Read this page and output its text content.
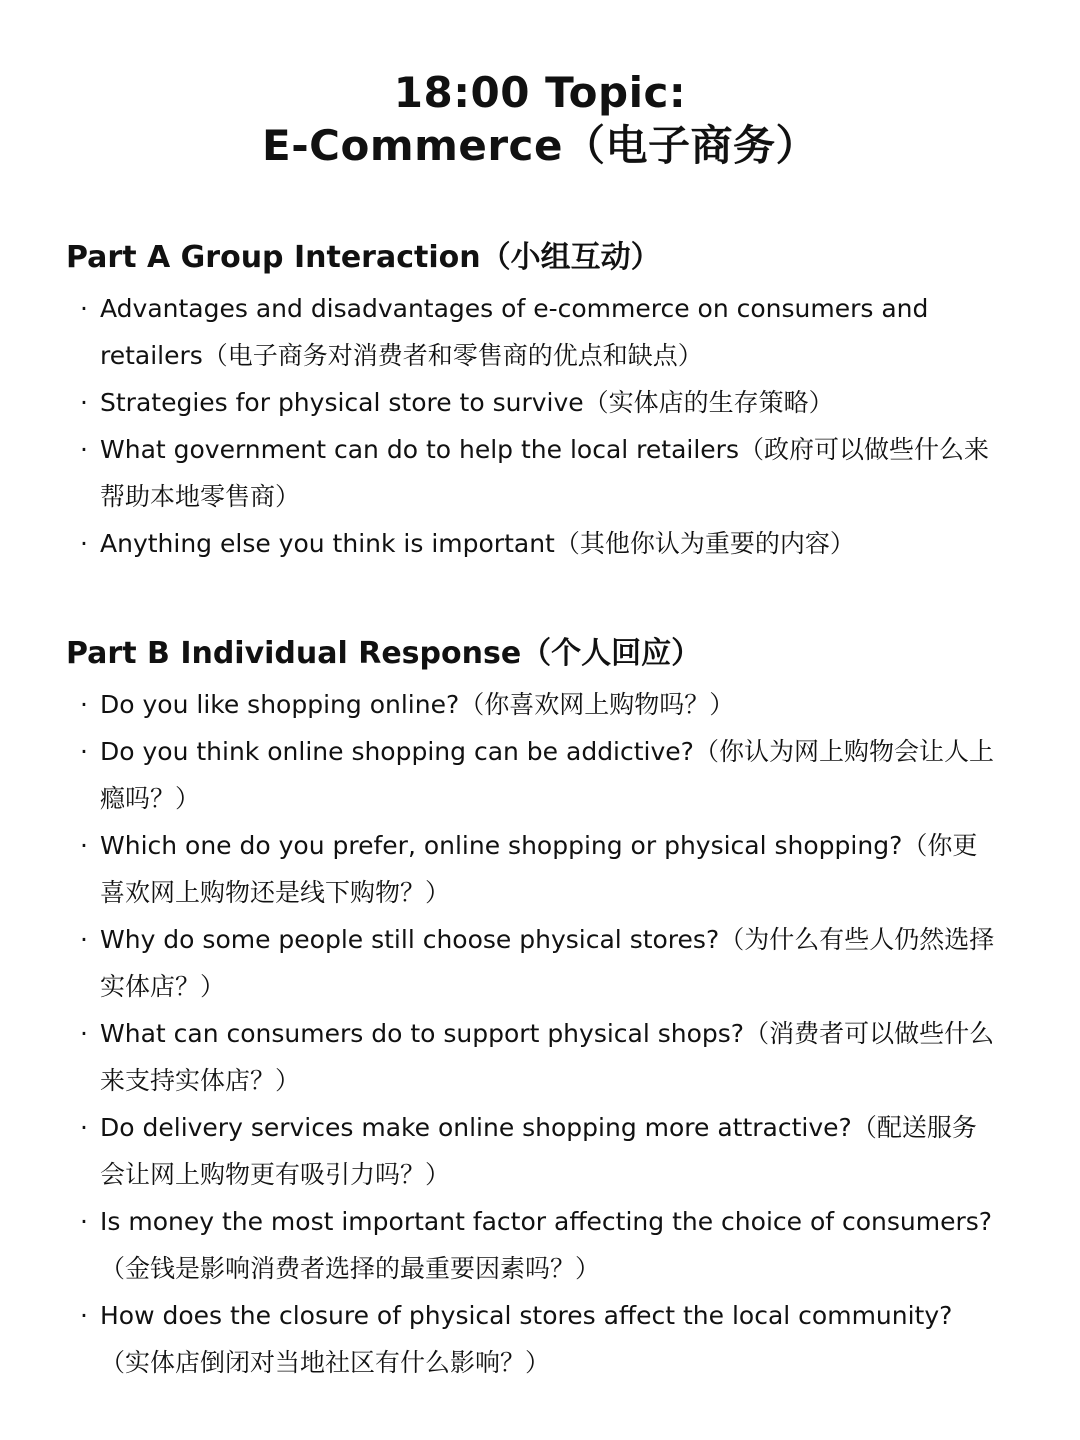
18:00 Topic:
E-Commerce（电子商务）
Part A Group Interaction（小组互动）
· Advantages and disadvantages of e-commerce on consumers and retailers（电子商务对消费者和零售商的优点和缺点）
· Strategies for physical store to survive（实体店的生存策略）
· What government can do to help the local retailers（政府可以做些什么来帮助本地零售商）
· Anything else you think is important（其他你认为重要的内容）
Part B Individual Response（个人回应）
· Do you like shopping online?（你喜欢网上购物吗？）
· Do you think online shopping can be addictive?（你认为网上购物会让人上瘾吗？）
· Which one do you prefer, online shopping or physical shopping?（你更喜欢网上购物还是线下购物？）
· Why do some people still choose physical stores?（为什么有些人仍然选择实体店？）
· What can consumers do to support physical shops?（消费者可以做些什么来支持实体店？）
· Do delivery services make online shopping more attractive?（配送服务会让网上购物更有吸引力吗？）
· Is money the most important factor affecting the choice of consumers?（金钱是影响消费者选择的最重要因素吗？）
· How does the closure of physical stores affect the local community?（实体店倒闭对当地社区有什么影响？）
